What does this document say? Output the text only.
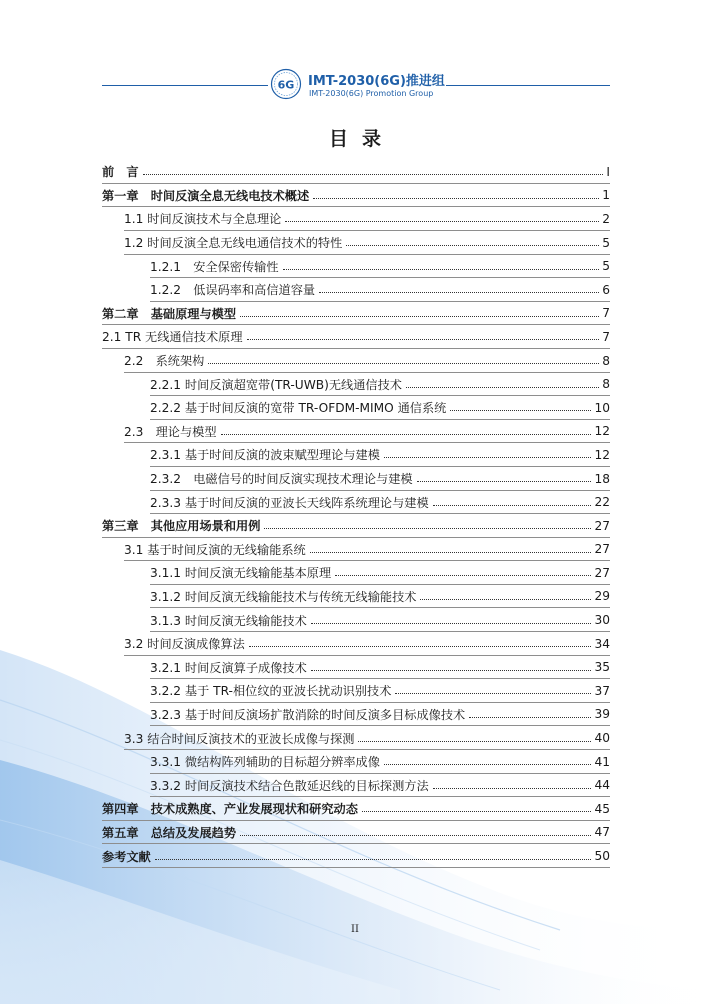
6G IMT-2030(6G)推进组
IMT-2030(6G) Promotion Group
目录
前　言	I
第一章　时间反演全息无线电技术概述	1
1.1 时间反演技术与全息理论	2
1.2 时间反演全息无线电通信技术的特性	5
1.2.1　安全保密传输性	5
1.2.2　低误码率和高信道容量	6
第二章　基础原理与模型	7
2.1 TR 无线通信技术原理	7
2.2　系统架构	8
2.2.1 时间反演超宽带(TR-UWB)无线通信技术	8
2.2.2 基于时间反演的宽带 TR-OFDM-MIMO 通信系统	10
2.3　理论与模型	12
2.3.1 基于时间反演的波束赋型理论与建模	12
2.3.2　电磁信号的时间反演实现技术理论与建模	18
2.3.3 基于时间反演的亚波长天线阵系统理论与建模	22
第三章　其他应用场景和用例	27
3.1 基于时间反演的无线输能系统	27
3.1.1 时间反演无线输能基本原理	27
3.1.2 时间反演无线输能技术与传统无线输能技术	29
3.1.3 时间反演无线输能技术	30
3.2 时间反演成像算法	34
3.2.1 时间反演算子成像技术	35
3.2.2 基于 TR-相位纹的亚波长扰动识别技术	37
3.2.3 基于时间反演场扩散消除的时间反演多目标成像技术	39
3.3 结合时间反演技术的亚波长成像与探测	40
3.3.1 微结构阵列辅助的目标超分辨率成像	41
3.3.2 时间反演技术结合色散延迟线的目标探测方法	44
第四章　技术成熟度、产业发展现状和研究动态	45
第五章　总结及发展趋势	47
参考文献	50
II
